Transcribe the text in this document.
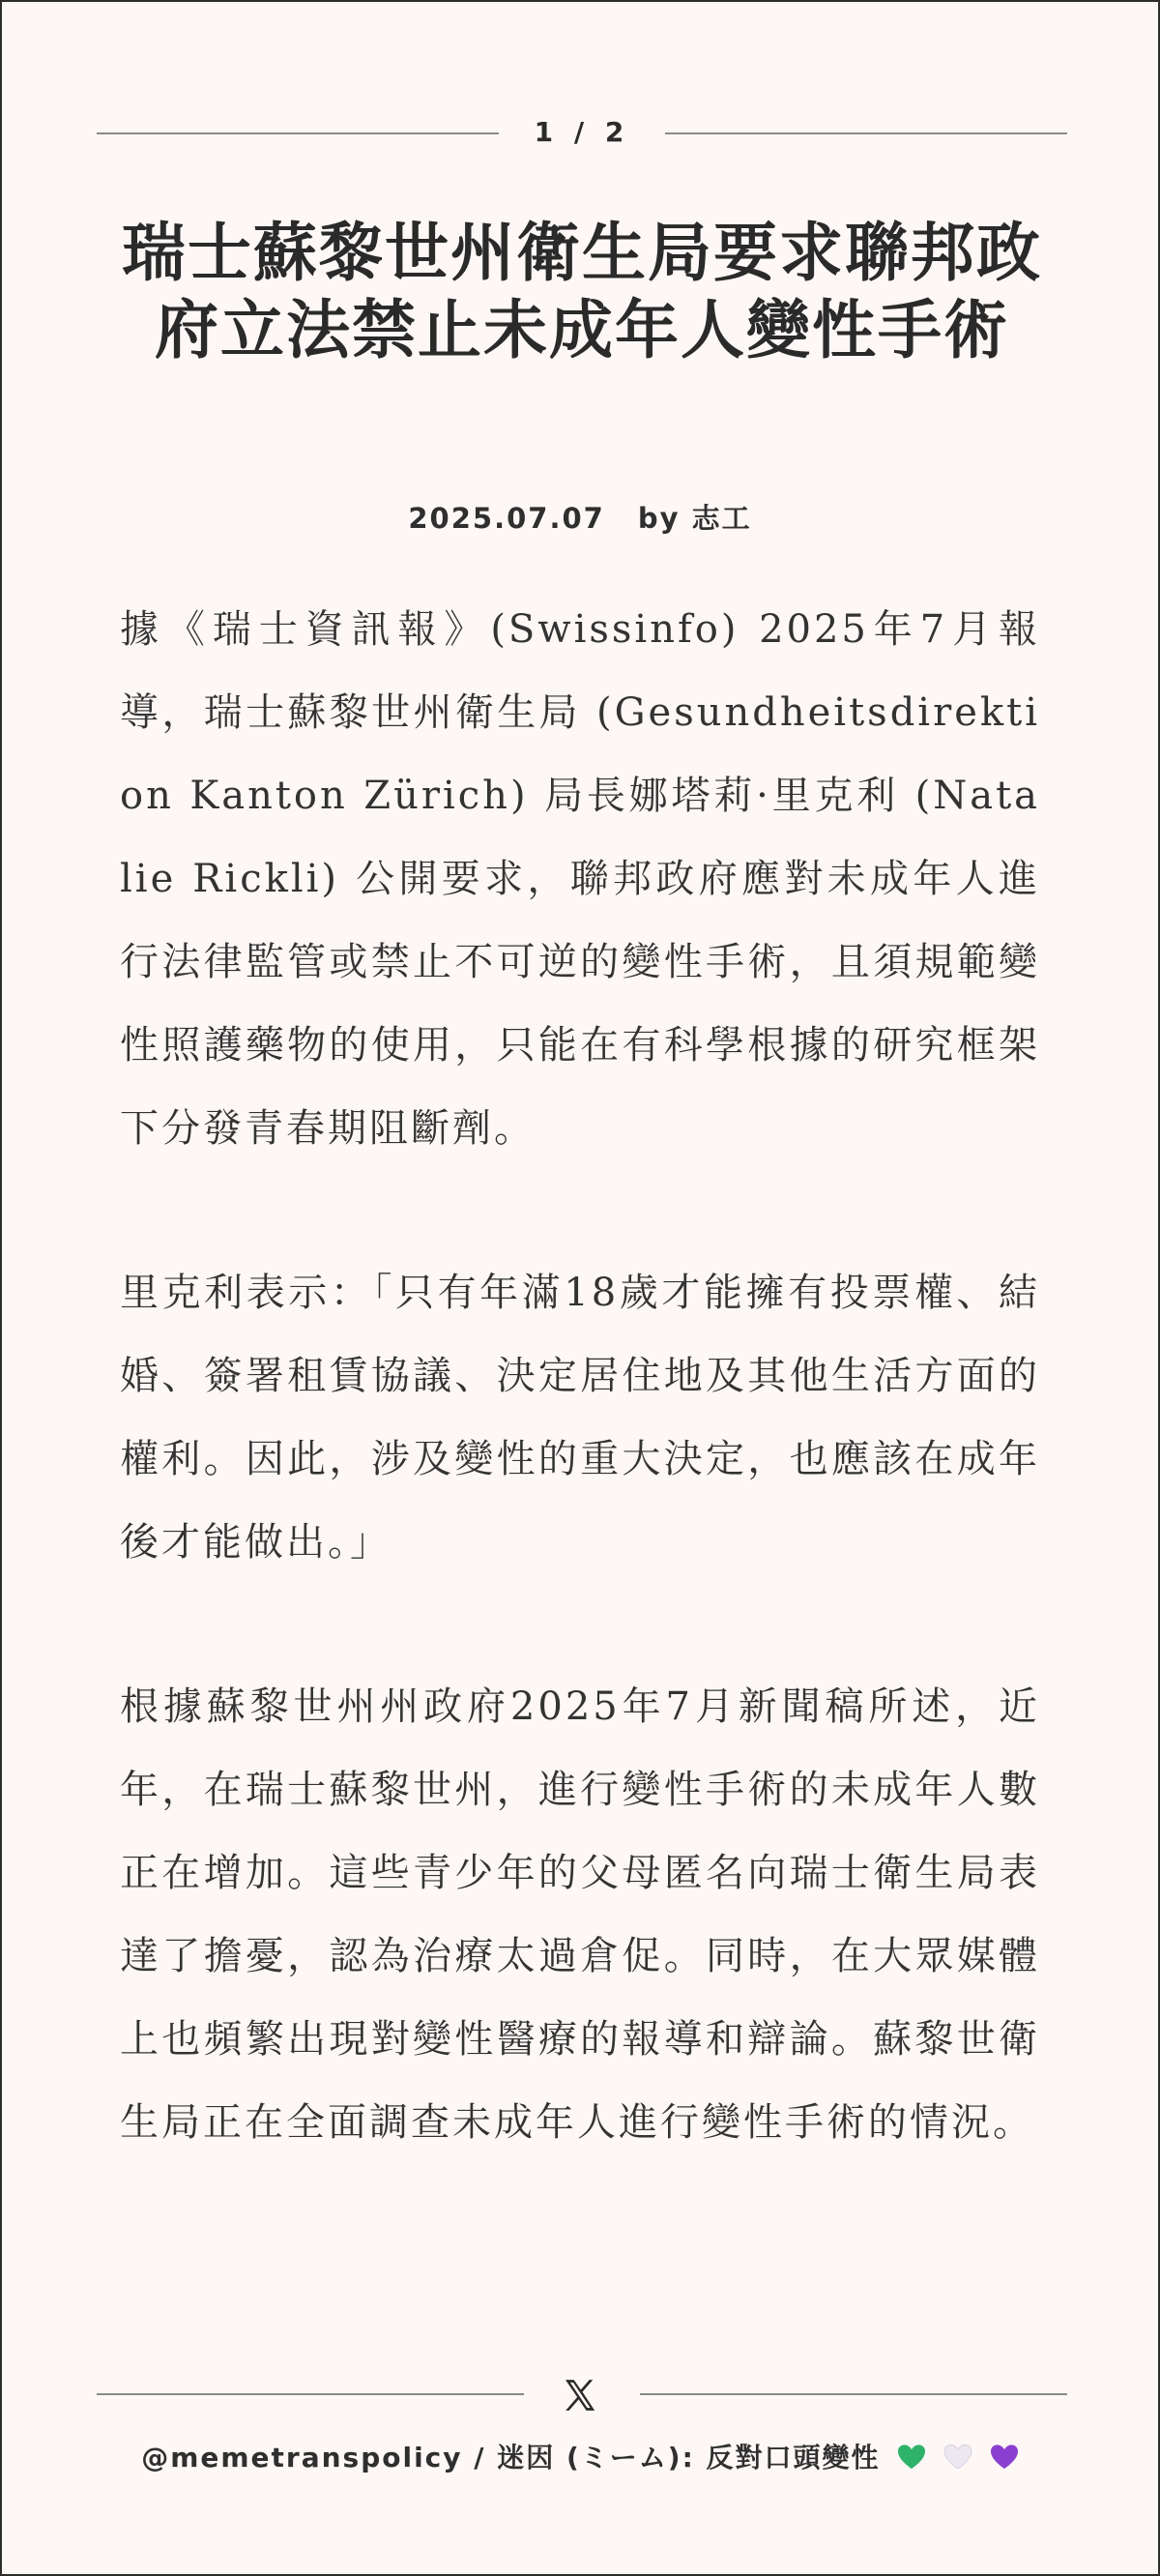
1 / 2
瑞士蘇黎世州衛生局要求聯邦政府立法禁止未成年人變性手術
2025.07.07 by 志工

據《瑞士資訊報》(Swissinfo) 2025年7月報導，瑞士蘇黎世州衛生局 (Gesundheitsdirektion Kanton Zürich) 局長娜塔莉·里克利 (Natalie Rickli) 公開要求，聯邦政府應對未成年人進行法律監管或禁止不可逆的變性手術，且須規範變性照護藥物的使用，只能在有科學根據的研究框架下分發青春期阻斷劑。

里克利表示：「只有年滿18歲才能擁有投票權、結婚、簽署租賃協議、決定居住地及其他生活方面的權利。因此，涉及變性的重大決定，也應該在成年後才能做出。」

根據蘇黎世州州政府2025年7月新聞稿所述，近年，在瑞士蘇黎世州，進行變性手術的未成年人數正在增加。這些青少年的父母匿名向瑞士衛生局表達了擔憂，認為治療太過倉促。同時，在大眾媒體上也頻繁出現對變性醫療的報導和辯論。蘇黎世衛生局正在全面調查未成年人進行變性手術的情況。

@memetranspolicy / 迷因 (ミーム): 反對口頭變性
